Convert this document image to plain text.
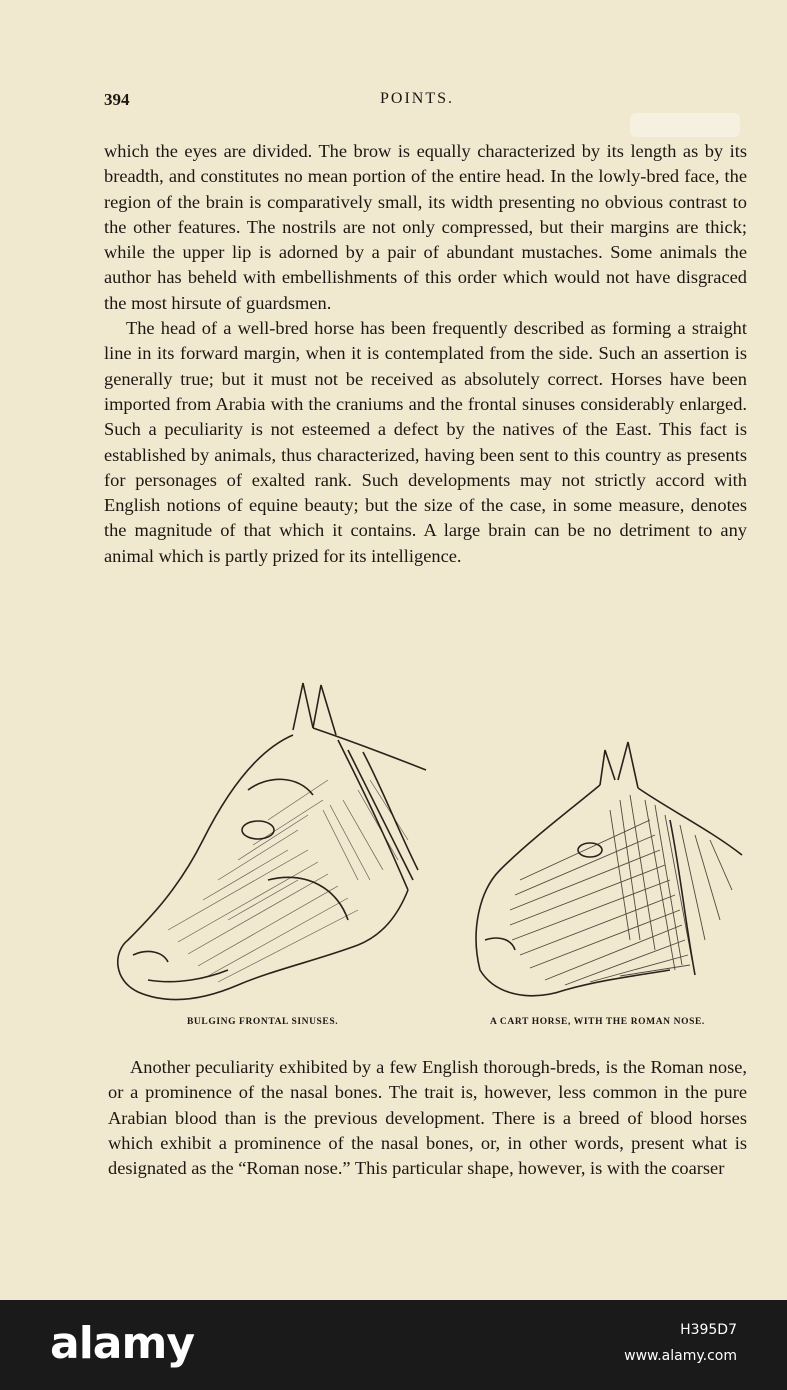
394	POINTS.

which the eyes are divided. The brow is equally characterized by its length as by its breadth, and constitutes no mean portion of the entire head. In the lowly-bred face, the region of the brain is comparatively small, its width presenting no obvious contrast to the other features. The nostrils are not only compressed, but their margins are thick; while the upper lip is adorned by a pair of abundant mustaches. Some animals the author has beheld with embellishments of this order which would not have disgraced the most hirsute of guardsmen.

The head of a well-bred horse has been frequently described as forming a straight line in its forward margin, when it is contemplated from the side. Such an assertion is generally true; but it must not be received as absolutely correct. Horses have been imported from Arabia with the craniums and the frontal sinuses considerably enlarged. Such a peculiarity is not esteemed a defect by the natives of the East. This fact is established by animals, thus characterized, having been sent to this country as presents for personages of exalted rank. Such developments may not strictly accord with English notions of equine beauty; but the size of the case, in some measure, denotes the magnitude of that which it contains. A large brain can be no detriment to any animal which is partly prized for its intelligence.

BULGING FRONTAL SINUSES.	A CART HORSE, WITH THE ROMAN NOSE.

Another peculiarity exhibited by a few English thorough-breds, is the Roman nose, or a prominence of the nasal bones. The trait is, however, less common in the pure Arabian blood than is the previous development. There is a breed of blood horses which exhibit a prominence of the nasal bones, or, in other words, present what is designated as the “Roman nose.” This particular shape, however, is with the coarser

alamy	H395D7
www.alamy.com
